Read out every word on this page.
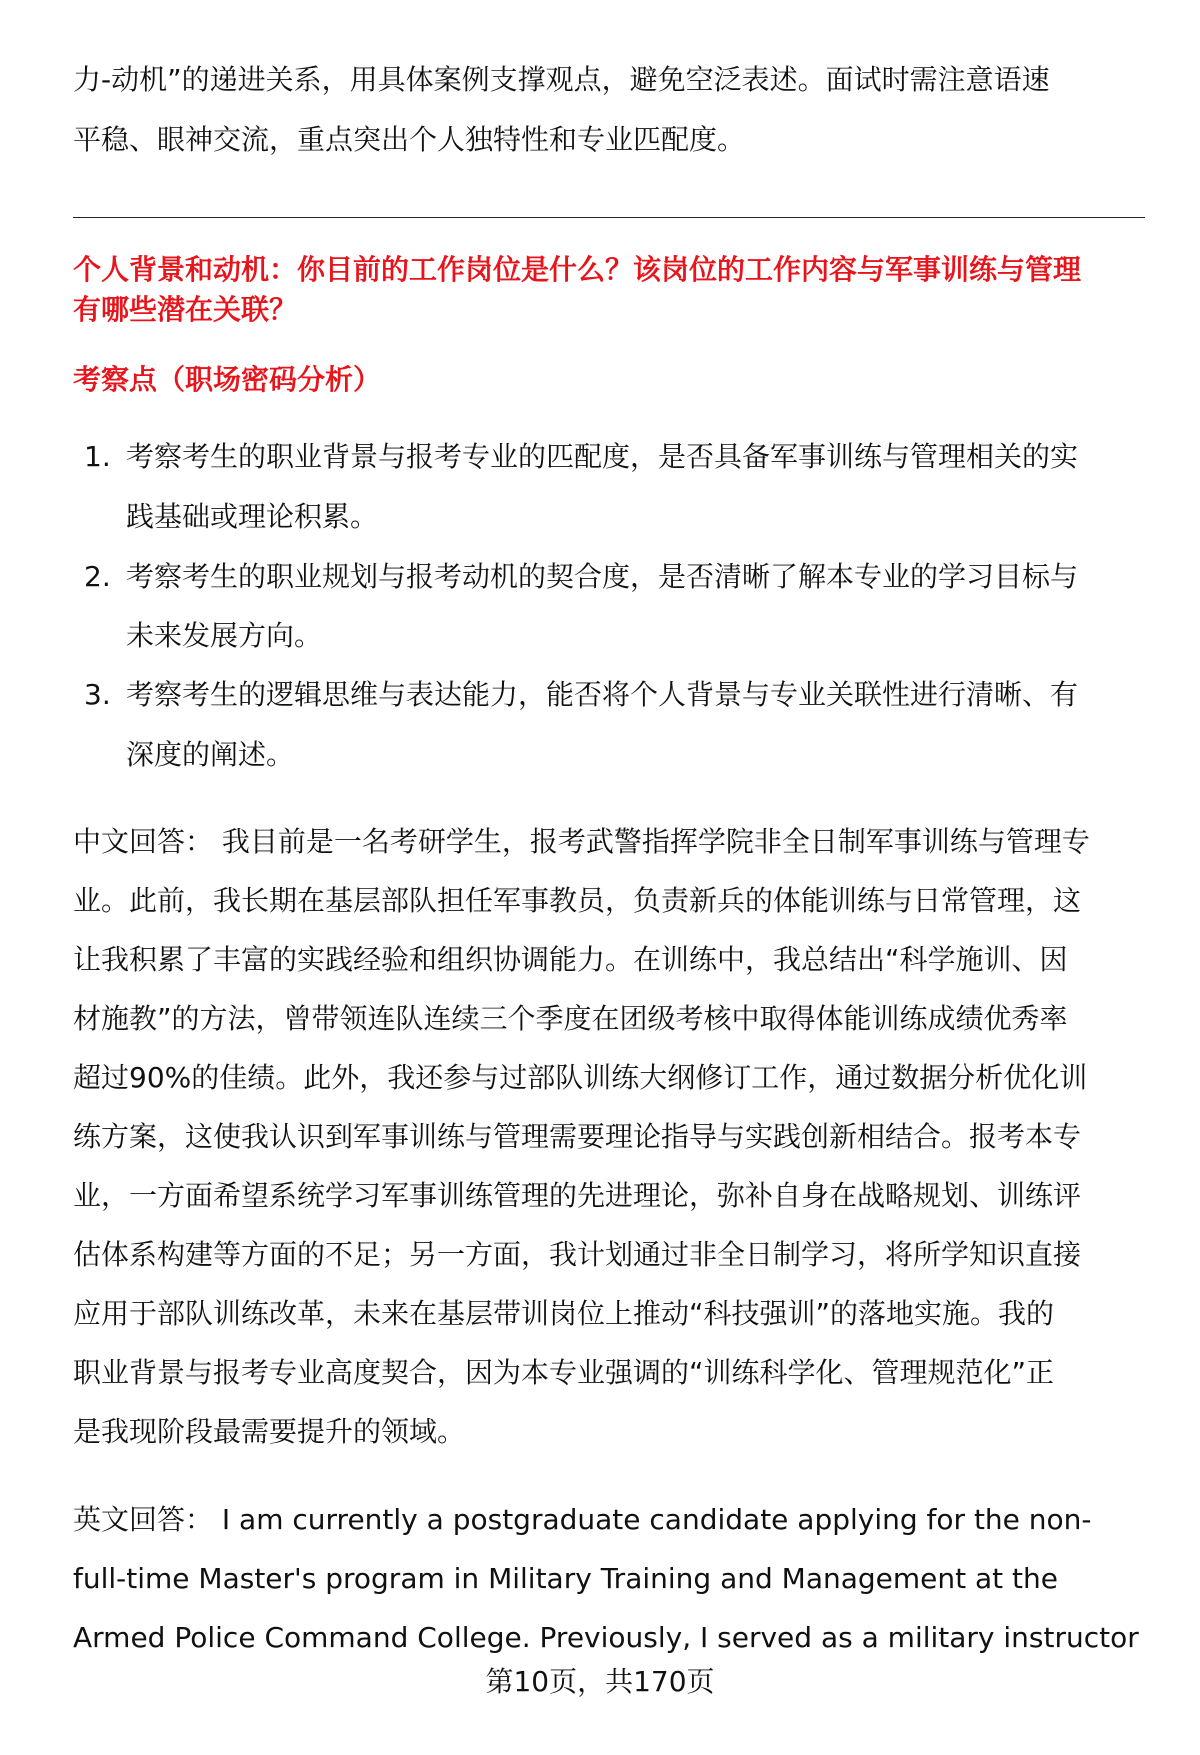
力-动机”的递进关系，用具体案例支撑观点，避免空泛表述。面试时需注意语速
平稳、眼神交流，重点突出个人独特性和专业匹配度。
个人背景和动机：你目前的工作岗位是什么？该岗位的工作内容与军事训练与管理
有哪些潜在关联？
考察点（职场密码分析）
1. 考察考生的职业背景与报考专业的匹配度，是否具备军事训练与管理相关的实
践基础或理论积累。
2. 考察考生的职业规划与报考动机的契合度，是否清晰了解本专业的学习目标与
未来发展方向。
3. 考察考生的逻辑思维与表达能力，能否将个人背景与专业关联性进行清晰、有
深度的阐述。
中文回答： 我目前是一名考研学生，报考武警指挥学院非全日制军事训练与管理专
业。此前，我长期在基层部队担任军事教员，负责新兵的体能训练与日常管理，这
让我积累了丰富的实践经验和组织协调能力。在训练中，我总结出“科学施训、因
材施教”的方法，曾带领连队连续三个季度在团级考核中取得体能训练成绩优秀率
超过90%的佳绩。此外，我还参与过部队训练大纲修订工作，通过数据分析优化训
练方案，这使我认识到军事训练与管理需要理论指导与实践创新相结合。报考本专
业，一方面希望系统学习军事训练管理的先进理论，弥补自身在战略规划、训练评
估体系构建等方面的不足；另一方面，我计划通过非全日制学习，将所学知识直接
应用于部队训练改革，未来在基层带训岗位上推动“科技强训”的落地实施。我的
职业背景与报考专业高度契合，因为本专业强调的“训练科学化、管理规范化”正
是我现阶段最需要提升的领域。
英文回答： I am currently a postgraduate candidate applying for the non-
full-time Master's program in Military Training and Management at the
Armed Police Command College. Previously, I served as a military instructor
第10页，共170页
